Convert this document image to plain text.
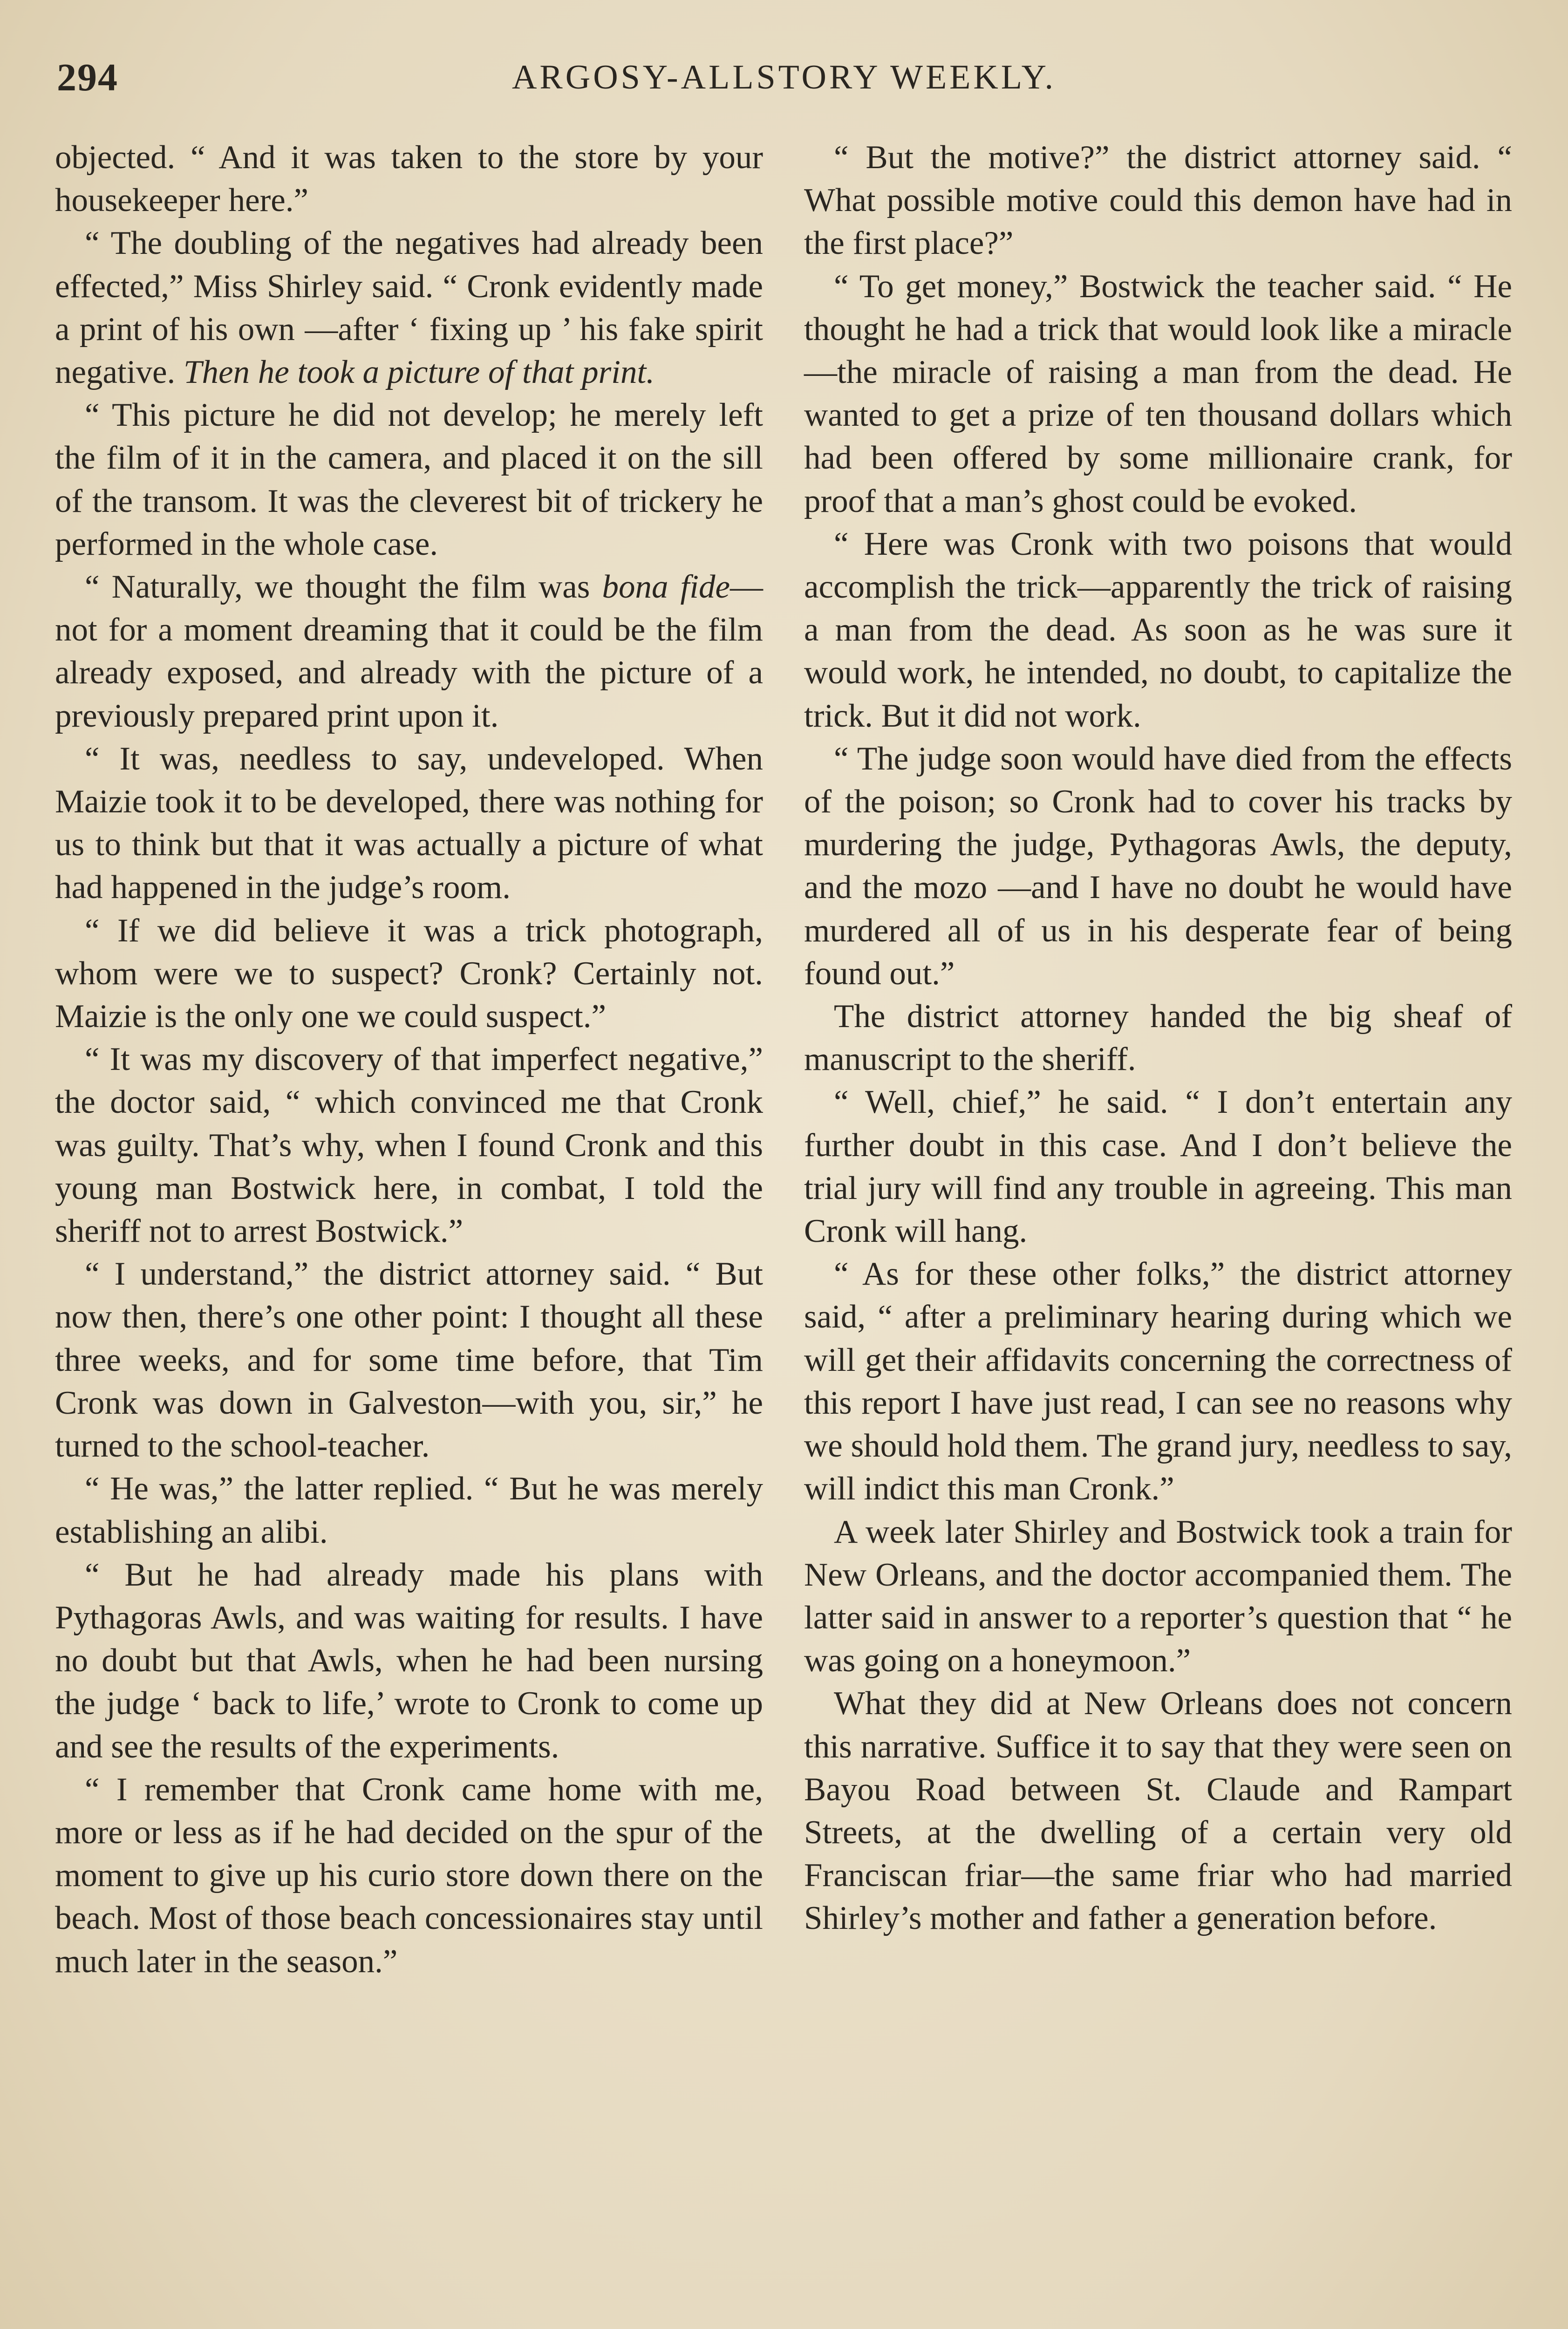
294	ARGOSY-ALLSTORY WEEKLY.

objected. “ And it was taken to the store by your housekeeper here.”

“ The doubling of the negatives had already been effected,” Miss Shirley said. “ Cronk evidently made a print of his own —after ‘ fixing up ’ his fake spirit negative. Then he took a picture of that print.

“ This picture he did not develop; he merely left the film of it in the camera, and placed it on the sill of the transom. It was the cleverest bit of trickery he performed in the whole case.

“ Naturally, we thought the film was bona fide—not for a moment dreaming that it could be the film already exposed, and already with the picture of a previously prepared print upon it.

“ It was, needless to say, undeveloped. When Maizie took it to be developed, there was nothing for us to think but that it was actually a picture of what had happened in the judge’s room.

“ If we did believe it was a trick photograph, whom were we to suspect? Cronk? Certainly not. Maizie is the only one we could suspect.”

“ It was my discovery of that imperfect negative,” the doctor said, “ which convinced me that Cronk was guilty. That’s why, when I found Cronk and this young man Bostwick here, in combat, I told the sheriff not to arrest Bostwick.”

“ I understand,” the district attorney said. “ But now then, there’s one other point: I thought all these three weeks, and for some time before, that Tim Cronk was down in Galveston—with you, sir,” he turned to the school-teacher.

“ He was,” the latter replied. “ But he was merely establishing an alibi.

“ But he had already made his plans with Pythagoras Awls, and was waiting for results. I have no doubt but that Awls, when he had been nursing the judge ‘ back to life,’ wrote to Cronk to come up and see the results of the experiments.

“ I remember that Cronk came home with me, more or less as if he had decided on the spur of the moment to give up his curio store down there on the beach. Most of those beach concessionaires stay until much later in the season.”

“ But the motive?” the district attorney said. “ What possible motive could this demon have had in the first place?”

“ To get money,” Bostwick the teacher said. “ He thought he had a trick that would look like a miracle—the miracle of raising a man from the dead. He wanted to get a prize of ten thousand dollars which had been offered by some millionaire crank, for proof that a man’s ghost could be evoked.

“ Here was Cronk with two poisons that would accomplish the trick—apparently the trick of raising a man from the dead. As soon as he was sure it would work, he intended, no doubt, to capitalize the trick. But it did not work.

“ The judge soon would have died from the effects of the poison; so Cronk had to cover his tracks by murdering the judge, Pythagoras Awls, the deputy, and the mozo —and I have no doubt he would have murdered all of us in his desperate fear of being found out.”

The district attorney handed the big sheaf of manuscript to the sheriff.

“ Well, chief,” he said. “ I don’t entertain any further doubt in this case. And I don’t believe the trial jury will find any trouble in agreeing. This man Cronk will hang.

“ As for these other folks,” the district attorney said, “ after a preliminary hearing during which we will get their affidavits concerning the correctness of this report I have just read, I can see no reasons why we should hold them. The grand jury, needless to say, will indict this man Cronk.”

A week later Shirley and Bostwick took a train for New Orleans, and the doctor accompanied them. The latter said in answer to a reporter’s question that “ he was going on a honeymoon.”

What they did at New Orleans does not concern this narrative. Suffice it to say that they were seen on Bayou Road between St. Claude and Rampart Streets, at the dwelling of a certain very old Franciscan friar—the same friar who had married Shirley’s mother and father a generation before.
